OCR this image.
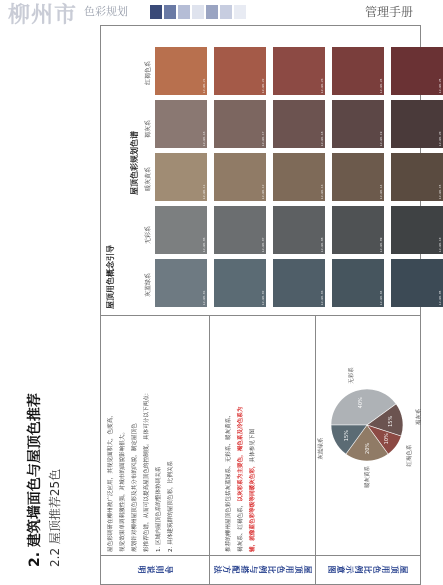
柳州市 色彩规划	管理手册
2. 建筑墙面色与屋顶色推荐 2.2 屋顶推荐25色
导则说明

屋色彩调研在柳州被广泛应用，其视觉面积大，色度高，	视觉效果单调刺激性强，对城市的面貌影响很大。	规划针对柳州屋顶色彩及其分布的风貌，制定屋顶色	彩推荐色谱，从而可以提高屋顶色的控制度。具体可分以下两点：	1. 区域内屋顶色系的整体协调关系	2. 具体建筑群的屋顶色彩，比例关系

屋顶用色比例与搭配方法

推荐的柳州屋顶色彩包括灰蓝绿系、无彩系、暖灰黄系、	褐灰系、红褐色系，以灰彩系为主要色，褐色系及冷色系为

辅，就像蓝色彩等级等同暖灰色彩，具体参见下图

屋顶用色比例示意图
40%
无彩系
15%	褐灰系
10%
红褐色系
20%
暖灰黄系
15%
灰蓝绿系
屋顶用色概念引导
屋顶色彩规划色谱
灰蓝绿系
无彩系
暖灰黄系
褐灰系
红褐色系
LZ-WD-01	LZ-WD-02	LZ-WD-03	LZ-WD-04	LZ-WD-05
LZ-WD-06	LZ-WD-07	LZ-WD-08	LZ-WD-09	LZ-WD-10
LZ-WD-11	LZ-WD-12	LZ-WD-13	LZ-WD-14	LZ-WD-15
LZ-WD-16	LZ-WD-17	LZ-WD-18	LZ-WD-19	LZ-WD-20
LZ-WD-21	LZ-WD-22	LZ-WD-23	LZ-WD-24	LZ-WD-25
